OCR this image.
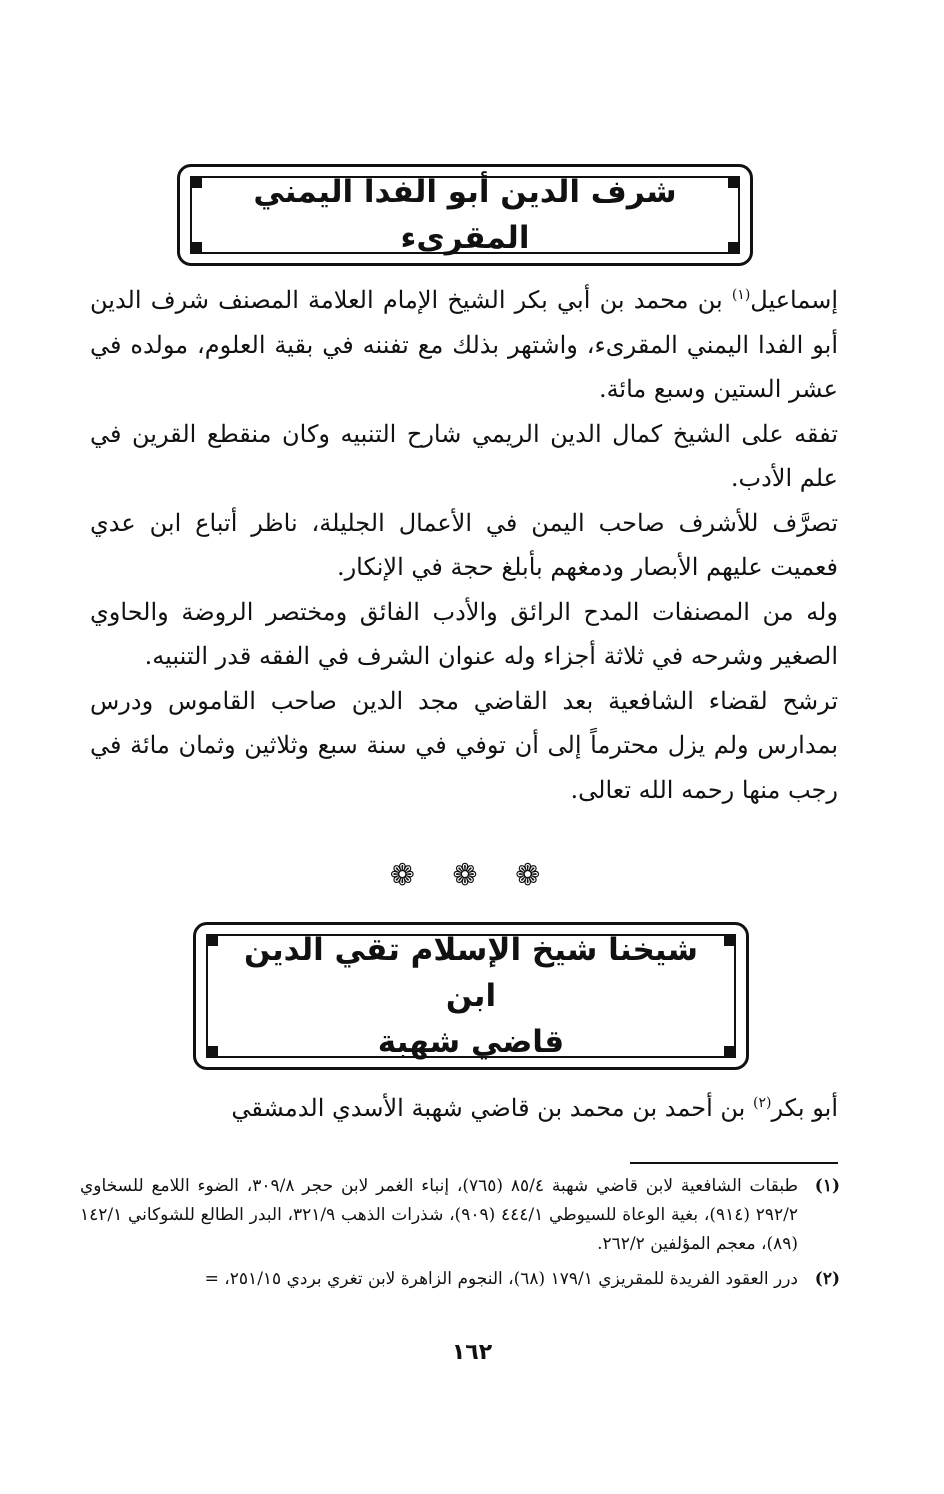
شرف الدين أبو الفدا اليمني المقرىء

إسماعيل$^{(١)}$ بن محمد بن أبي بكر الشيخ الإمام العلامة المصنف شرف الدين أبو الفدا اليمني المقرىء، واشتهر بذلك مع تفننه في بقية العلوم، مولده في عشر الستين وسبع مائة.

تفقه على الشيخ كمال الدين الريمي شارح التنبيه وكان منقطع القرين في علم الأدب.

تصرَّف للأشرف صاحب اليمن في الأعمال الجليلة، ناظر أتباع ابن عدي فعميت عليهم الأبصار ودمغهم بأبلغ حجة في الإنكار.

وله من المصنفات المدح الرائق والأدب الفائق ومختصر الروضة والحاوي الصغير وشرحه في ثلاثة أجزاء وله عنوان الشرف في الفقه قدر التنبيه.

ترشح لقضاء الشافعية بعد القاضي مجد الدين صاحب القاموس ودرس بمدارس ولم يزل محترماً إلى أن توفي في سنة سبع وثلاثين وثمان مائة في رجب منها رحمه الله تعالى.

❁ ❁ ❁
شيخنا شيخ الإسلام تقي الدين ابن
قاضي شهبة

أبو بكر$^{(٢)}$ بن أحمد بن محمد بن قاضي شهبة الأسدي الدمشقي

(١)
طبقات الشافعية لابن قاضي شهبة ٨٥/٤ (٧٦٥)، إنباء الغمر لابن حجر ٣٠٩/٨، الضوء اللامع للسخاوي ٢٩٢/٢ (٩١٤)، بغية الوعاة للسيوطي ٤٤٤/١ (٩٠٩)، شذرات الذهب ٣٢١/٩، البدر الطالع للشوكاني ١٤٢/١ (٨٩)، معجم المؤلفين ٢٦٢/٢.
(٢)
درر العقود الفريدة للمقريزي ١٧٩/١ (٦٨)، النجوم الزاهرة لابن تغري بردي ٢٥١/١٥، =
١٦٢
